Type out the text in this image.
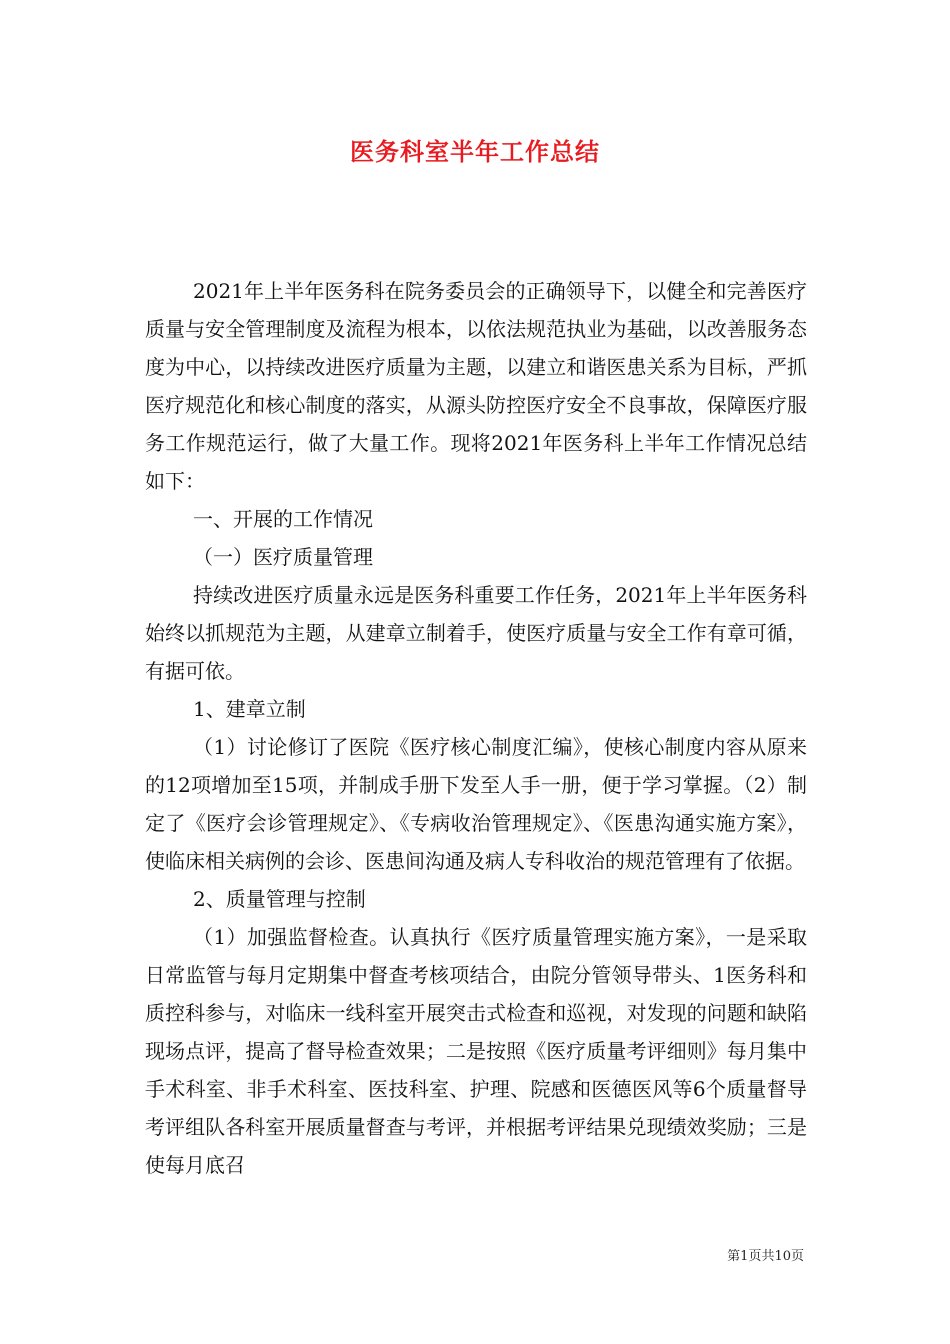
医务科室半年工作总结

2021年上半年医务科在院务委员会的正确领导下，以健全和完善医疗质量与安全管理制度及流程为根本，以依法规范执业为基础，以改善服务态度为中心，以持续改进医疗质量为主题，以建立和谐医患关系为目标，严抓医疗规范化和核心制度的落实，从源头防控医疗安全不良事故，保障医疗服务工作规范运行，做了大量工作。现将2021年医务科上半年工作情况总结如下：

一、开展的工作情况

（一）医疗质量管理

持续改进医疗质量永远是医务科重要工作任务，2021年上半年医务科始终以抓规范为主题，从建章立制着手，使医疗质量与安全工作有章可循，有据可依。

1、建章立制

（1）讨论修订了医院《医疗核心制度汇编》，使核心制度内容从原来的12项增加至15项，并制成手册下发至人手一册，便于学习掌握。（2）制定了《医疗会诊管理规定》、《专病收治管理规定》、《医患沟通实施方案》，使临床相关病例的会诊、医患间沟通及病人专科收治的规范管理有了依据。

2、质量管理与控制

（1）加强监督检查。认真执行《医疗质量管理实施方案》，一是采取日常监管与每月定期集中督查考核项结合，由院分管领导带头、1医务科和质控科参与，对临床一线科室开展突击式检查和巡视，对发现的问题和缺陷现场点评，提高了督导检查效果；二是按照《医疗质量考评细则》每月集中手术科室、非手术科室、医技科室、护理、院感和医德医风等6个质量督导考评组队各科室开展质量督查与考评，并根据考评结果兑现绩效奖励；三是使每月底召

第1页共10页
